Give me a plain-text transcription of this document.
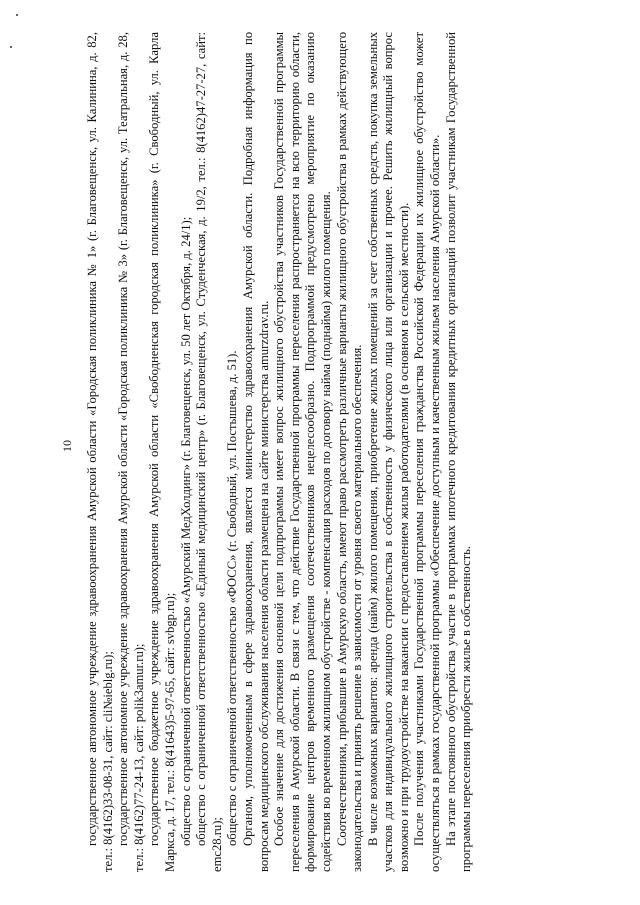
10 государственное автономное учреждение здравоохранения Амурской области «Городская поликлиника № 1» (г. Благовещенск, ул. Калинина, д. 82, тел.: 8(4162)33-08-31, сайт: cli№ieblg.ru); государственное автономное учреждение здравоохранения Амурской области «Городская поликлиника № 3» (г. Благовещенск, ул. Театральная, д. 28, тел.: 8(4162)77-24-13, сайт: polik3amur.ru); государственное бюджетное учреждение здравоохранения Амурской области «Свободненская городская поликлиника» (г. Свободный, ул. Карла Маркса, д. 17, тел.: 8(41643)5-97-65, сайт: svbgp.ru); общество с ограниченной ответственностью «Амурский МедХолдинг» (г. Благовещенск, ул. 50 лет Октября, д. 24/1); общество с ограниченной ответственностью «Единый медицинский центр» (г. Благовещенск, ул. Студенческая, д. 19/2, тел.: 8(4162)47-27-27, сайт: emc28.ru); общество с ограниченной ответственностью «ФОСС» (г. Свободный, ул. Постышева, д. 51). Органом, уполномоченным в сфере здравоохранения, является министерство здравоохранения Амурской области. Подробная информация по вопросам медицинского обслуживания населения области размещена на сайте министерства amurzdrav.ru. Особое значение для достижения основной цели подпрограммы имеет вопрос жилищного обустройства участников Государственной программы переселения в Амурской области. В связи с тем, что действие Государственной программы переселения распространяется на всю территорию области, формирование центров временного размещения соотечественников нецелесообразно. Подпрограммой предусмотрено мероприятие по оказанию содействия во временном жилищном обустройстве - компенсация расходов по договору найма (поднайма) жилого помещения. Соотечественники, прибывшие в Амурскую область, имеют право рассмотреть различные варианты жилищного обустройства в рамках действующего законодательства и принять решение в зависимости от уровня своего материального обеспечения. В числе возможных вариантов: аренда (найм) жилого помещения, приобретение жилых помещений за счет собственных средств, покупка земельных участков для индивидуального жилищного строительства в собственность у физического лица или организации и прочее. Решить жилищный вопрос возможно и при трудоустройстве на вакансии с предоставлением жилья работодателями (в основном в сельской местности). После получения участниками Государственной программы переселения гражданства Российской Федерации их жилищное обустройство может осуществляться в рамках государственной программы «Обеспечение доступным и качественным жильем населения Амурской области». На этапе постоянного обустройства участие в программах ипотечного кредитования кредитных организаций позволит участникам Государственной программы переселения приобрести жилье в собственность.
